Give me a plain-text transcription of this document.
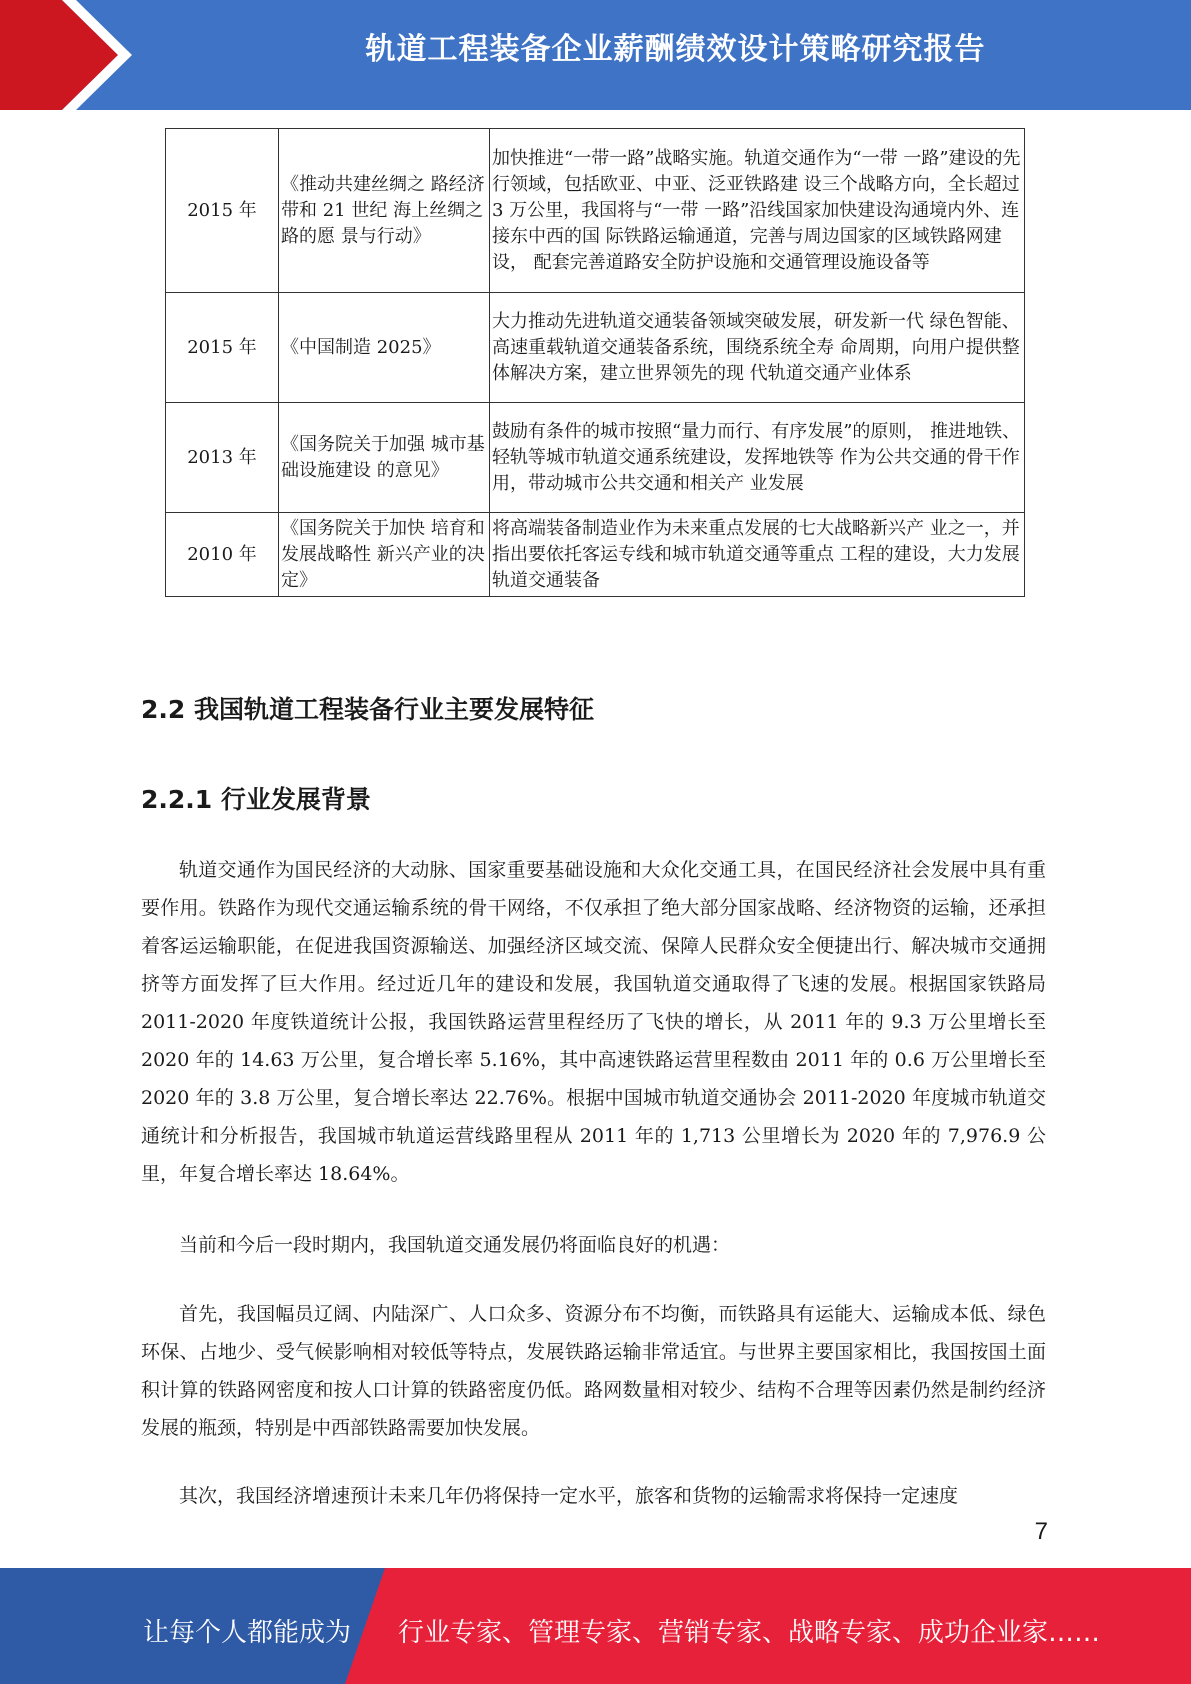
轨道工程装备企业薪酬绩效设计策略研究报告
2015 年	《推动共建丝绸之 路经济带和 21 世纪 海上丝绸之路的愿 景与行动》	加快推进“一带一路”战略实施。轨道交通作为“一带 一路”建设的先行领域，包括欧亚、中亚、泛亚铁路建 设三个战略方向，全长超过 3 万公里，我国将与“一带 一路”沿线国家加快建设沟通境内外、连接东中西的国 际铁路运输通道，完善与周边国家的区域铁路网建设， 配套完善道路安全防护设施和交通管理设施设备等
2015 年	《中国制造 2025》	大力推动先进轨道交通装备领域突破发展，研发新一代 绿色智能、高速重载轨道交通装备系统，围绕系统全寿 命周期，向用户提供整体解决方案，建立世界领先的现 代轨道交通产业体系
2013 年	《国务院关于加强 城市基础设施建设 的意见》	鼓励有条件的城市按照“量力而行、有序发展”的原则， 推进地铁、轻轨等城市轨道交通系统建设，发挥地铁等 作为公共交通的骨干作用，带动城市公共交通和相关产 业发展
2010 年	《国务院关于加快 培育和发展战略性 新兴产业的决定》	将高端装备制造业作为未来重点发展的七大战略新兴产 业之一，并指出要依托客运专线和城市轨道交通等重点 工程的建设，大力发展轨道交通装备
2.2 我国轨道工程装备行业主要发展特征
2.2.1 行业发展背景

轨道交通作为国民经济的大动脉、国家重要基础设施和大众化交通工具，在国民经济社会发展中具有重要作用。铁路作为现代交通运输系统的骨干网络，不仅承担了绝大部分国家战略、经济物资的运输，还承担着客运运输职能，在促进我国资源输送、加强经济区域交流、保障人民群众安全便捷出行、解决城市交通拥挤等方面发挥了巨大作用。经过近几年的建设和发展，我国轨道交通取得了飞速的发展。根据国家铁路局 2011-2020 年度铁道统计公报，我国铁路运营里程经历了飞快的增长，从 2011 年的 9.3 万公里增长至 2020 年的 14.63 万公里，复合增长率 5.16%，其中高速铁路运营里程数由 2011 年的 0.6 万公里增长至 2020 年的 3.8 万公里，复合增长率达 22.76%。根据中国城市轨道交通协会 2011-2020 年度城市轨道交通统计和分析报告，我国城市轨道运营线路里程从 2011 年的 1,713 公里增长为 2020 年的 7,976.9 公里，年复合增长率达 18.64%。

当前和今后一段时期内，我国轨道交通发展仍将面临良好的机遇：

首先，我国幅员辽阔、内陆深广、人口众多、资源分布不均衡，而铁路具有运能大、运输成本低、绿色环保、占地少、受气候影响相对较低等特点，发展铁路运输非常适宜。与世界主要国家相比，我国按国土面积计算的铁路网密度和按人口计算的铁路密度仍低。路网数量相对较少、结构不合理等因素仍然是制约经济发展的瓶颈，特别是中西部铁路需要加快发展。

其次，我国经济增速预计未来几年仍将保持一定水平，旅客和货物的运输需求将保持一定速度

7
让每个人都能成为 行业专家、管理专家、营销专家、战略专家、成功企业家……
